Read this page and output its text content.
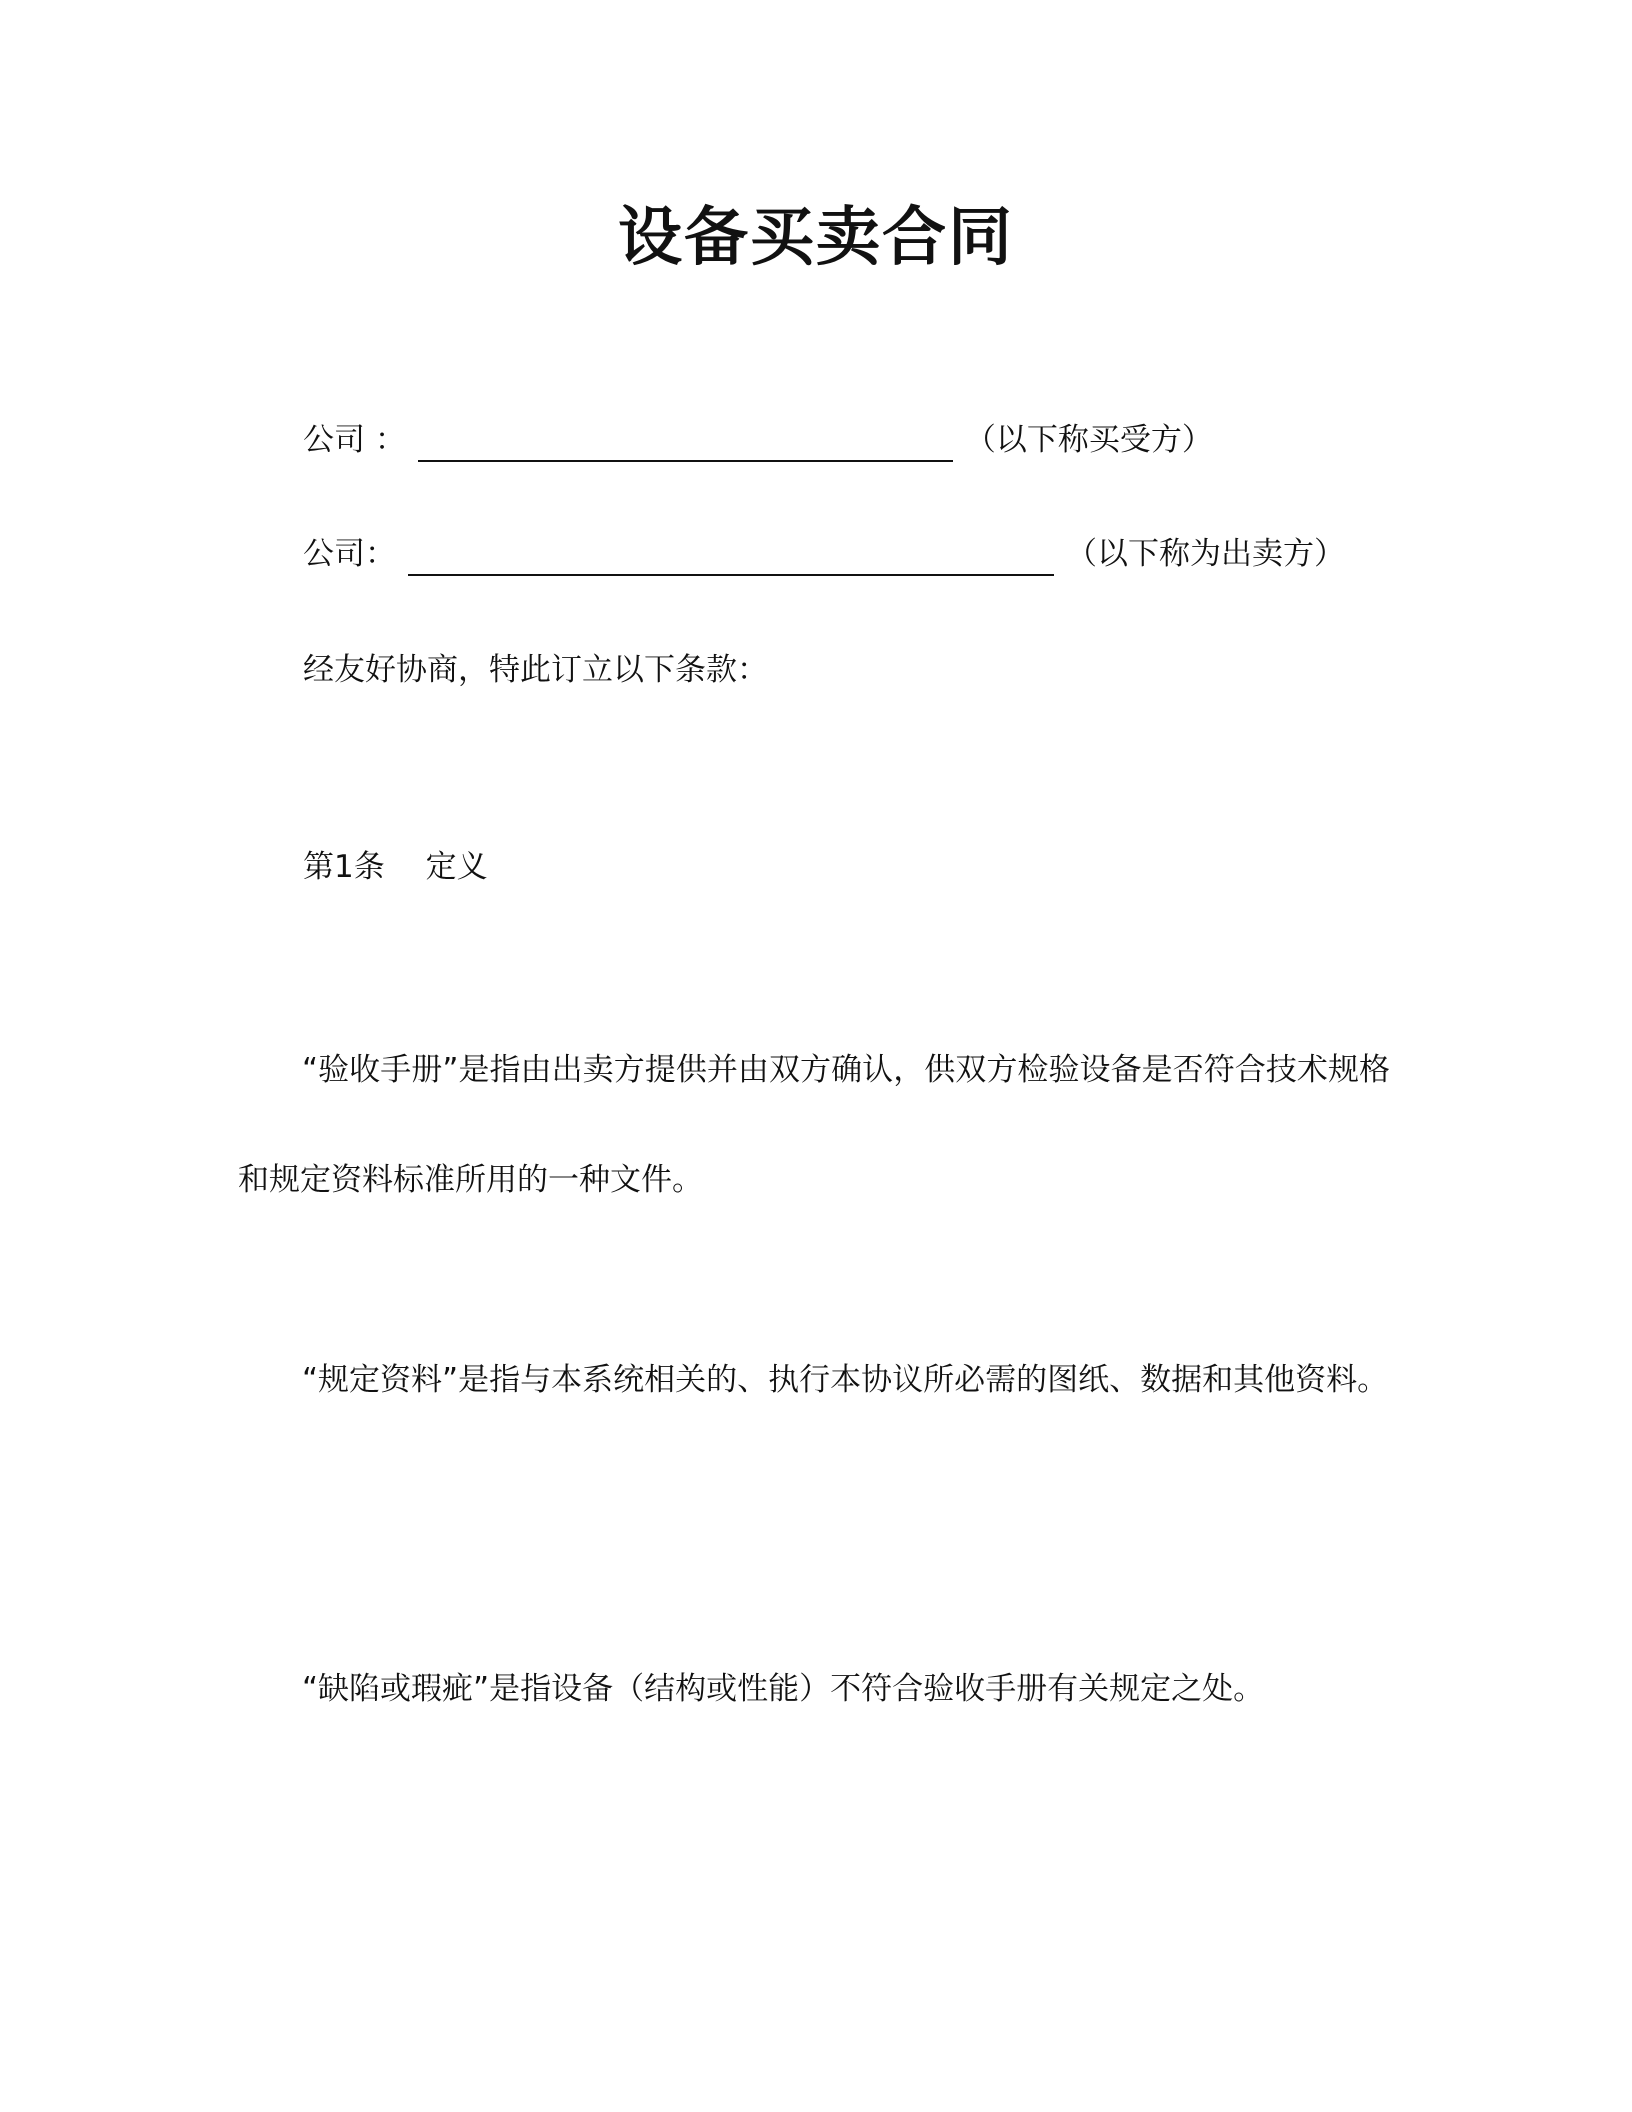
设备买卖合同
公司 ：	（以下称买受方）
公司：	（以下称为出卖方）
经友好协商，特此订立以下条款：
第1条　 定义
“验收手册”是指由出卖方提供并由双方确认，供双方检验设备是否符合技术规格和规定资料标准所用的一种文件。
“规定资料”是指与本系统相关的、执行本协议所必需的图纸、数据和其他资料。
“缺陷或瑕疵”是指设备（结构或性能）不符合验收手册有关规定之处。
